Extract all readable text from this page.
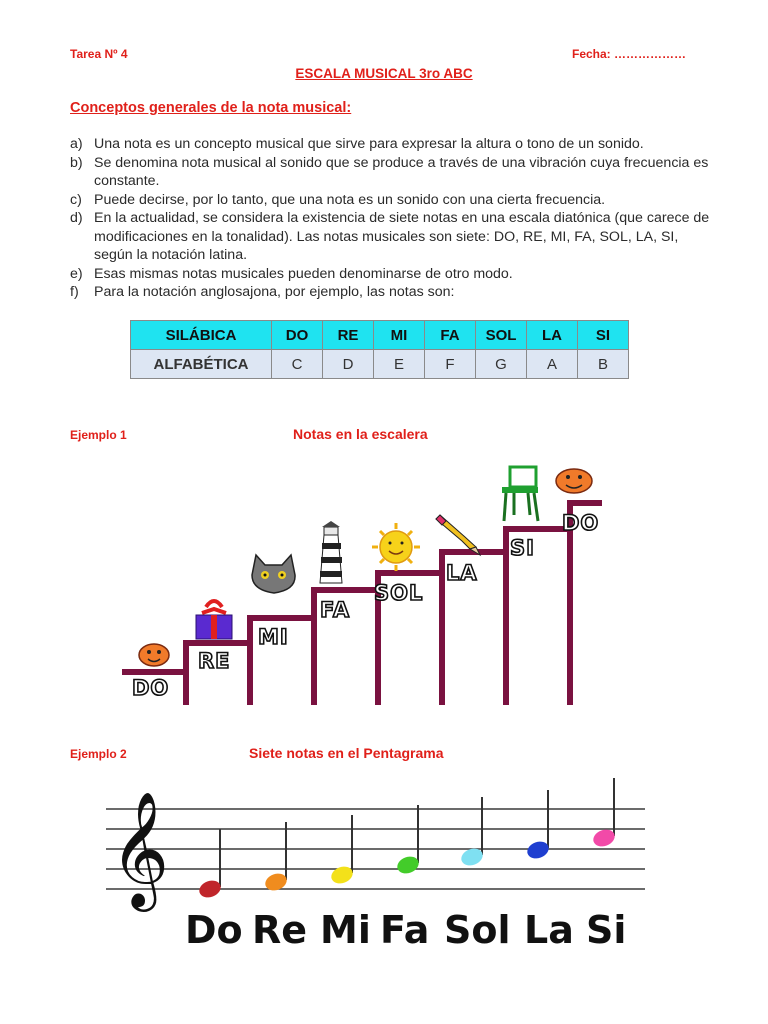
Tarea Nº 4	Fecha: ………………
ESCALA MUSICAL 3ro ABC
Conceptos generales de la nota musical:
a) Una nota es un concepto musical que sirve para expresar la altura o tono de un sonido.
b) Se denomina nota musical al sonido que se produce a través de una vibración cuya frecuencia es constante.
c) Puede decirse, por lo tanto, que una nota es un sonido con una cierta frecuencia.
d) En la actualidad, se considera la existencia de siete notas en una escala diatónica (que carece de modificaciones en la tonalidad). Las notas musicales son siete: DO, RE, MI, FA, SOL, LA, SI, según la notación latina.
e) Esas mismas notas musicales pueden denominarse de otro modo.
f) Para la notación anglosajona, por ejemplo, las notas son:
SILÁBICA	DO	RE	MI	FA	SOL	LA	SI
ALFABÉTICA	C	D	E	F	G	A	B
Ejemplo 1	Notas en la escalera
DO
RE
MI
FA
SOL
LA
SI
DO
Ejemplo 2	Siete notas en el Pentagrama
𝄞
Do Re Mi Fa Sol La Si
